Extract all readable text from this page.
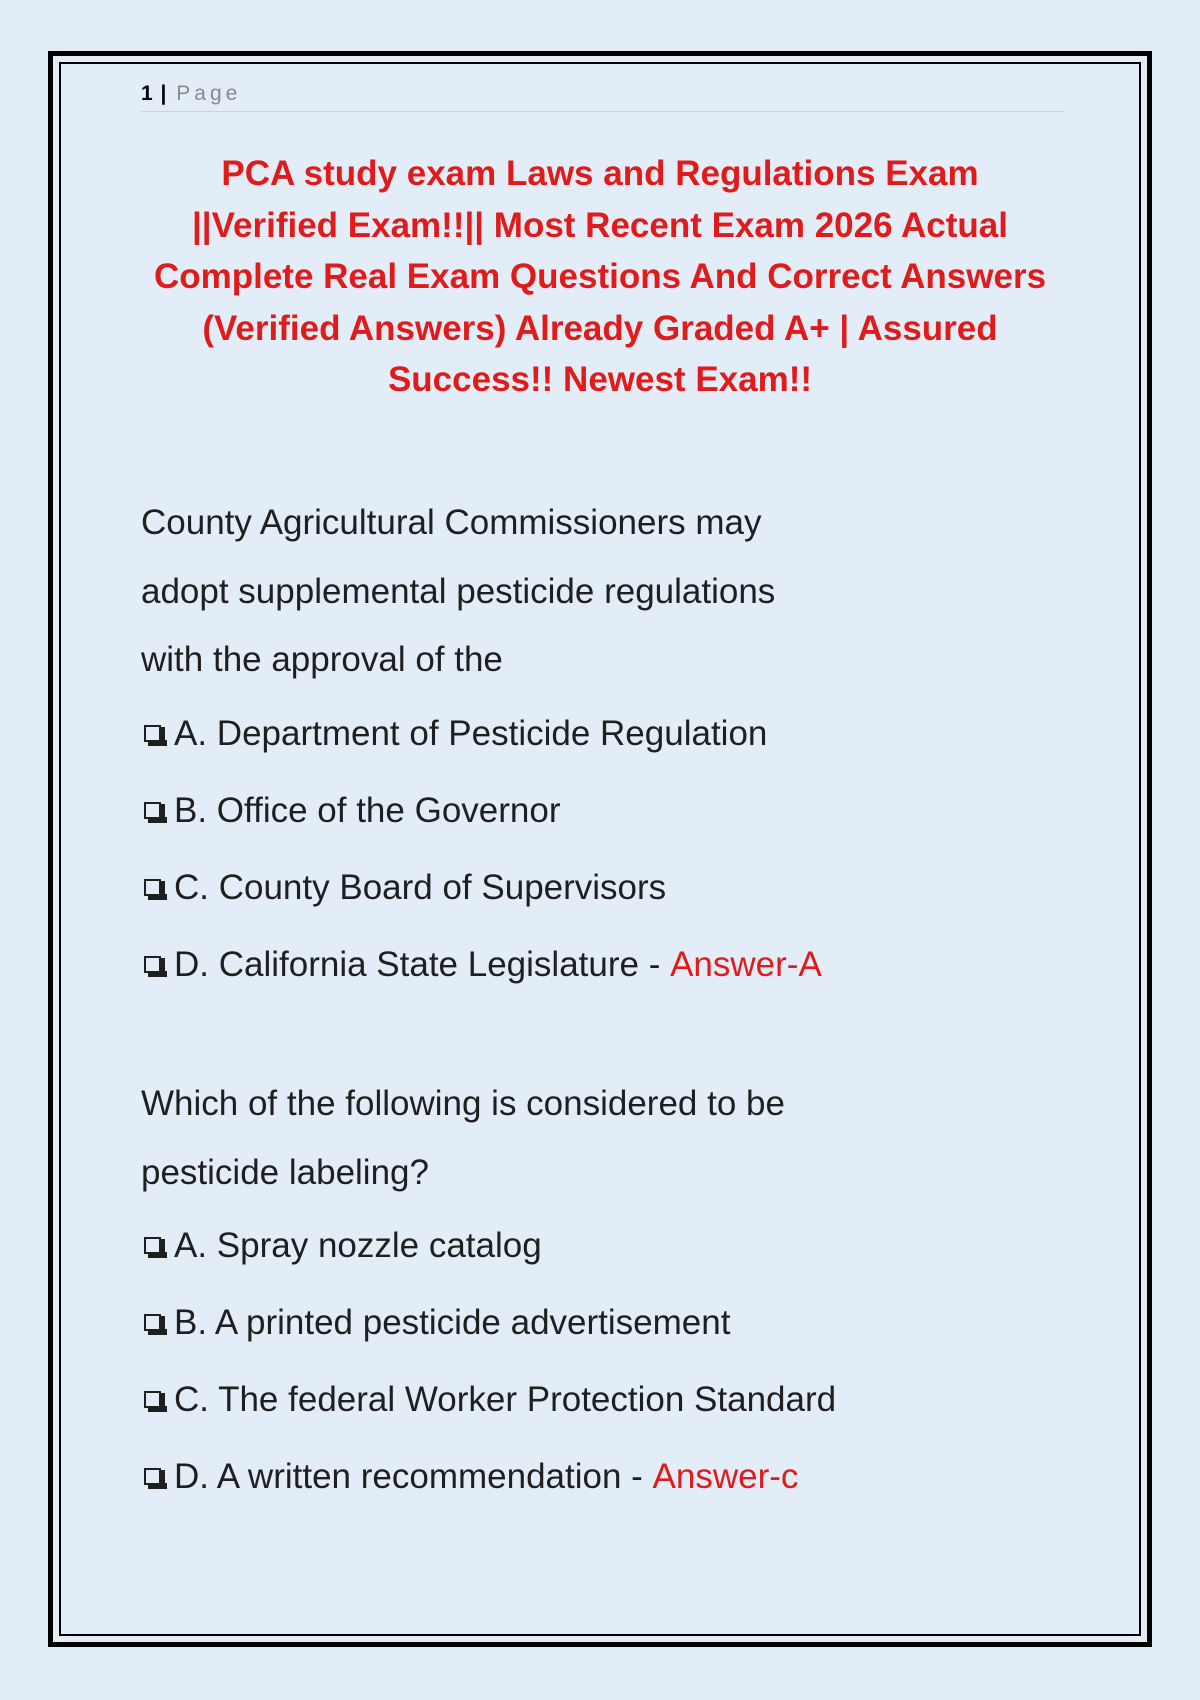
1 | Page
PCA study exam Laws and Regulations Exam
||Verified Exam!!|| Most Recent Exam 2026 Actual
Complete Real Exam Questions And Correct Answers
(Verified Answers) Already Graded A+ | Assured
Success!! Newest Exam!!
County Agricultural Commissioners may
adopt supplemental pesticide regulations
with the approval of the
A. Department of Pesticide Regulation
B. Office of the Governor
C. County Board of Supervisors
D. California State Legislature - Answer-A
Which of the following is considered to be
pesticide labeling?
A. Spray nozzle catalog
B. A printed pesticide advertisement
C. The federal Worker Protection Standard
D. A written recommendation - Answer-c
